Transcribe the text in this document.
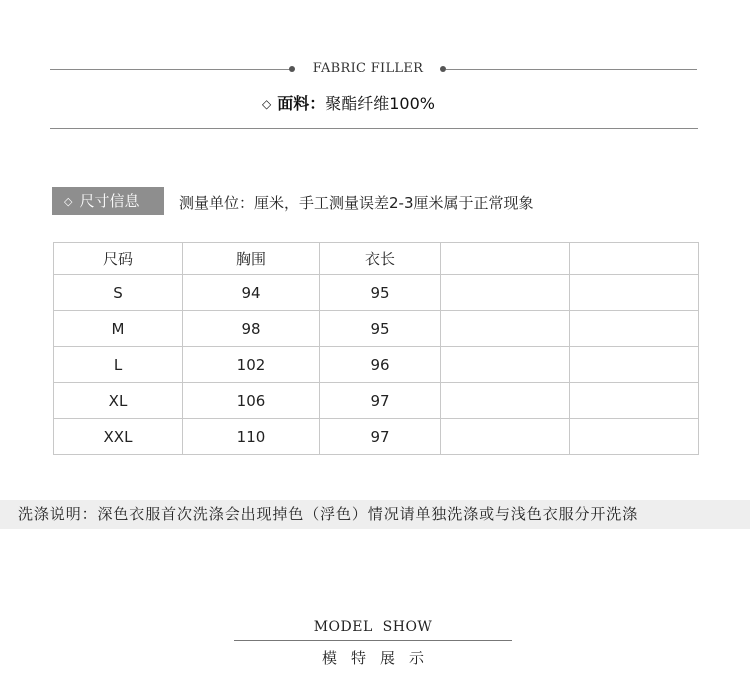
FABRIC FILLER
◇ 面料：聚酯纤维100%
◇ 尺寸信息	测量单位：厘米，手工测量误差2-3厘米属于正常现象
尺码	胸围	衣长		
S	94	95		
M	98	95		
L	102	96		
XL	106	97		
XXL	110	97		
洗涤说明：深色衣服首次洗涤会出现掉色（浮色）情况请单独洗涤或与浅色衣服分开洗涤
MODEL  SHOW
模特展示
